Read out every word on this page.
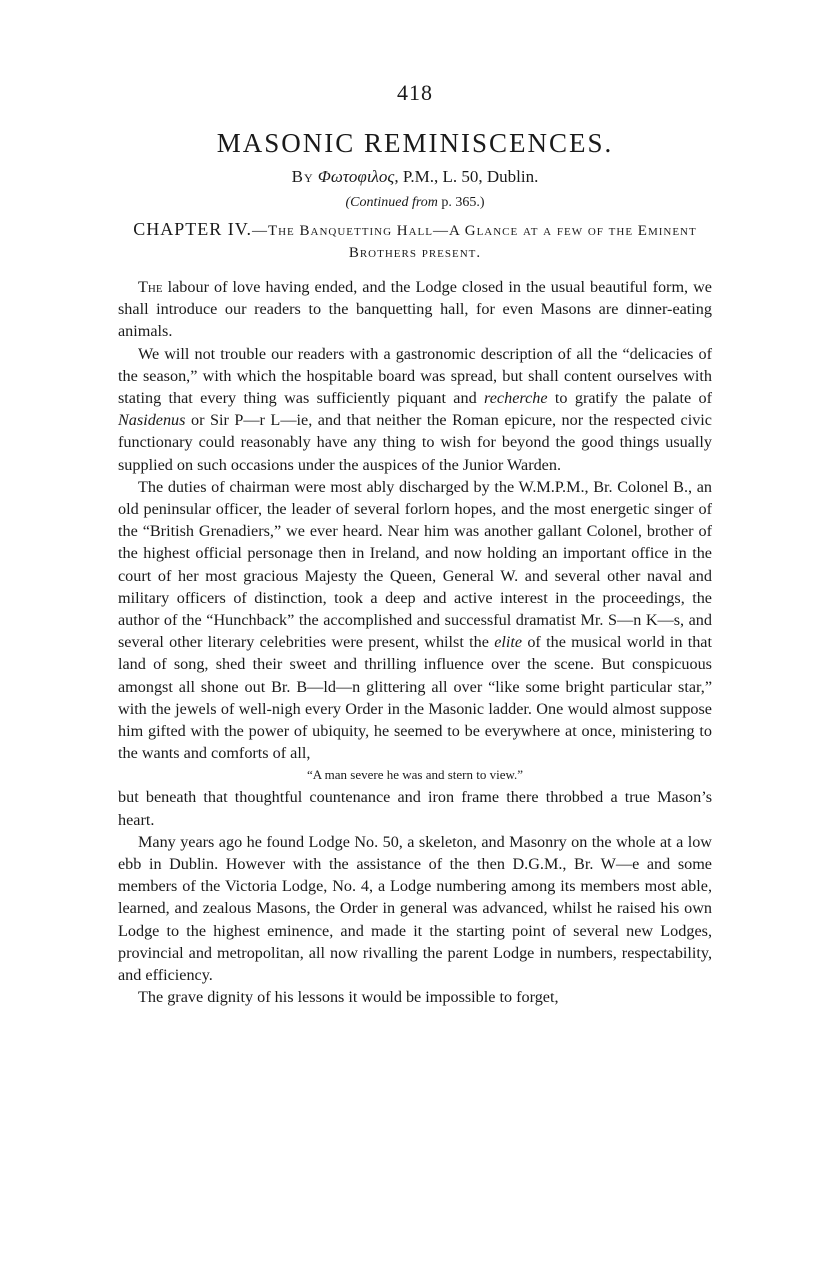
418
MASONIC REMINISCENCES.
By Φωτοφιλος, P.M., L. 50, Dublin.
(Continued from p. 365.)
CHAPTER IV.—The Banquetting Hall—A Glance at a few of the Eminent Brothers present.

The labour of love having ended, and the Lodge closed in the usual beautiful form, we shall introduce our readers to the banquetting hall, for even Masons are dinner-eating animals.

We will not trouble our readers with a gastronomic description of all the “delicacies of the season,” with which the hospitable board was spread, but shall content ourselves with stating that every thing was sufficiently piquant and recherche to gratify the palate of Nasidenus or Sir P—r L—ie, and that neither the Roman epicure, nor the respected civic functionary could reasonably have any thing to wish for beyond the good things usually supplied on such occasions under the auspices of the Junior Warden.

The duties of chairman were most ably discharged by the W.M.P.M., Br. Colonel B., an old peninsular officer, the leader of several forlorn hopes, and the most energetic singer of the “British Grenadiers,” we ever heard. Near him was another gallant Colonel, brother of the highest official personage then in Ireland, and now holding an important office in the court of her most gracious Majesty the Queen, General W. and several other naval and military officers of distinction, took a deep and active interest in the proceedings, the author of the “Hunchback” the accomplished and successful dramatist Mr. S—n K—s, and several other literary celebrities were present, whilst the elite of the musical world in that land of song, shed their sweet and thrilling influence over the scene. But conspicuous amongst all shone out Br. B—ld—n glittering all over “like some bright particular star,” with the jewels of well-nigh every Order in the Masonic ladder. One would almost suppose him gifted with the power of ubiquity, he seemed to be everywhere at once, ministering to the wants and comforts of all,

“A man severe he was and stern to view.”

but beneath that thoughtful countenance and iron frame there throbbed a true Mason’s heart.

Many years ago he found Lodge No. 50, a skeleton, and Masonry on the whole at a low ebb in Dublin. However with the assistance of the then D.G.M., Br. W—e and some members of the Victoria Lodge, No. 4, a Lodge numbering among its members most able, learned, and zealous Masons, the Order in general was advanced, whilst he raised his own Lodge to the highest eminence, and made it the starting point of several new Lodges, provincial and metropolitan, all now rivalling the parent Lodge in numbers, respectability, and efficiency.

The grave dignity of his lessons it would be impossible to forget,
